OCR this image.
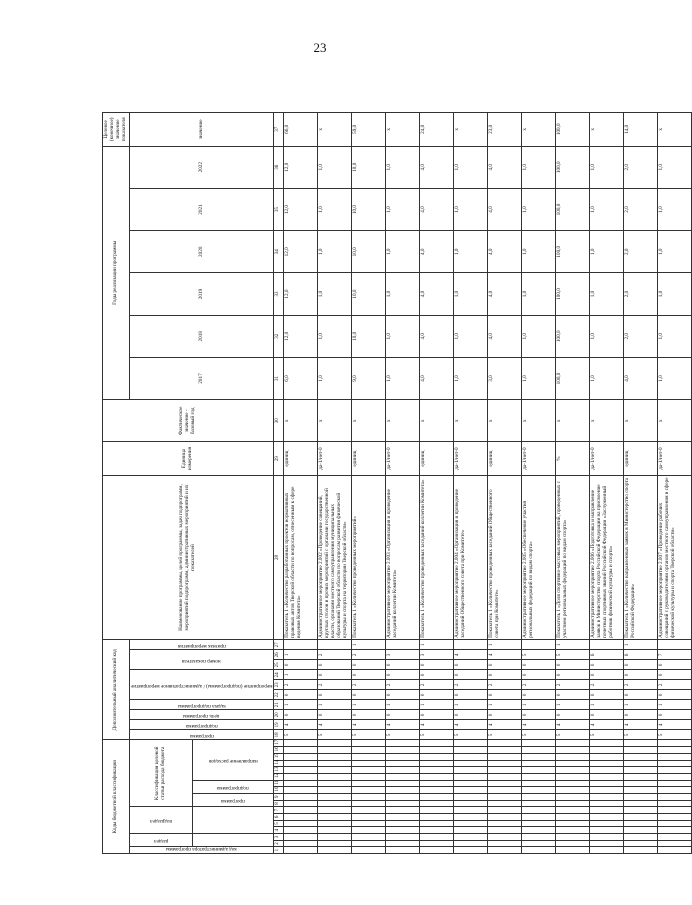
23
Коды бюджетной классификации																	Дополнительный аналитический код										Наименование программы, целей программы, задач подпрограмм, мероприятий подпрограмм, административных мероприятий и их показателей	Единица измерения	Фактическое значение - базовый год	Годы реализации программы						Целевое (конечное) значение показателя

код администратора программы	раздел		подраздел				Классификация целевой статьи расхода бюджета										программа	подпрограмма	цель программы	задача подпрограммы	мероприятие (подпрограммы) / административное мероприятие			номер показателя		признак мероприятия				2017	2018	2019	2020	2021	2022	значение

							программа		подпрограмма		направление расходов																									

1	2	3	4	5	6	7	8	9	10	11	12	13	14	15	16	17	18	19	20	21	22	23	24	25	26	27	28	29	30	31	32	33	34	35	36	37
																	5	4	0	1	0	2	1	0	1		Показатель 1 «Количество разработанных проектов нормативных правовых актов Тверской области по вопросам, отнесенным к сфере ведения Комитета»	единиц	х	6,0	12,0	12,0	12,0	12,0	12,0	66,0
																	5	4	0	1	0	2	0	0	2		Административное мероприятие 2.002 «Проведение совещаний, круглых столов и прочих мероприятий с органами государственной власти, органами местного самоуправления муниципальных образований Тверской области по вопросам развития физической культуры и спорта на территории Тверской области»	да-1/нет-0	х	1,0	1,0	1,0	1,0	1,0	1,0	х
																	5	4	0	1	0	2	0	0	2	1	Показатель 1 «Количество проведенных мероприятий»	единиц	х	9,0	10,0	10,0	10,0	10,0	10,0	59,0
																	5	4	0	1	0	2	0	0	3		Административное мероприятие 2.003 «Организация и проведение заседаний коллегии Комитета»	да-1/нет-0	х	1,0	1,0	1,0	1,0	1,0	1,0	х
																	5	4	0	1	0	2	0	0	3	1	Показатель 1 «Количество проведенных заседаний коллегии Комитета»	единиц	х	4,0	4,0	4,0	4,0	4,0	4,0	24,0
																	5	4	0	1	0	2	0	0	4		Административное мероприятие 2.004 «Организация и проведение заседаний Общественного совета при Комитете»	да-1/нет-0	х	1,0	1,0	1,0	1,0	1,0	1,0	х
																	5	4	0	1	0	2	0	0	4	1	Показатель 1 «Количество проведенных заседаний Общественного совета при Комитете»	единиц	х	3,0	4,0	4,0	4,0	4,0	4,0	23,0
																	5	4	0	1	0	2	0	0	5		Административное мероприятие 2.005 «Обеспечение участия региональных федераций по видам спорта»	да-1/нет-0	х	1,0	1,0	1,0	1,0	1,0	1,0	х
																	5	4	0	1	0	2	0	0	5	1	Показатель 1 «Доля спортивно-массовых мероприятий, проведенных с участием региональных федераций по видам спорта»	%	х	100,0	100,0	100,0	100,0	100,0	100,0	100,0
																	5	4	0	1	0	2	0	0	6		Административное мероприятие 2.006 «Подготовка и направление заявок в Министерство спорта Российской Федерации на присвоение почетных спортивных званий Российской Федерации «Заслуженный работник физической культуры и спорта»	да-1/нет-0	х	1,0	1,0	1,0	1,0	1,0	1,0	х
																	5	4	0	1	0	2	0	0	6	1	Показатель 1 «Количество направленных заявок в Министерство спорта Российской Федерации»	единиц	х	4,0	2,0	2,0	2,0	2,0	2,0	14,0
																	5	4	0	1	0	2	0	0	7		Административное мероприятие 2.007 «Проведение рабочих совещаний с руководителями органов местного самоуправления в сфере физической культуры и спорта Тверской области»	да-1/нет-0	х	1,0	1,0	1,0	1,0	1,0	1,0	х
